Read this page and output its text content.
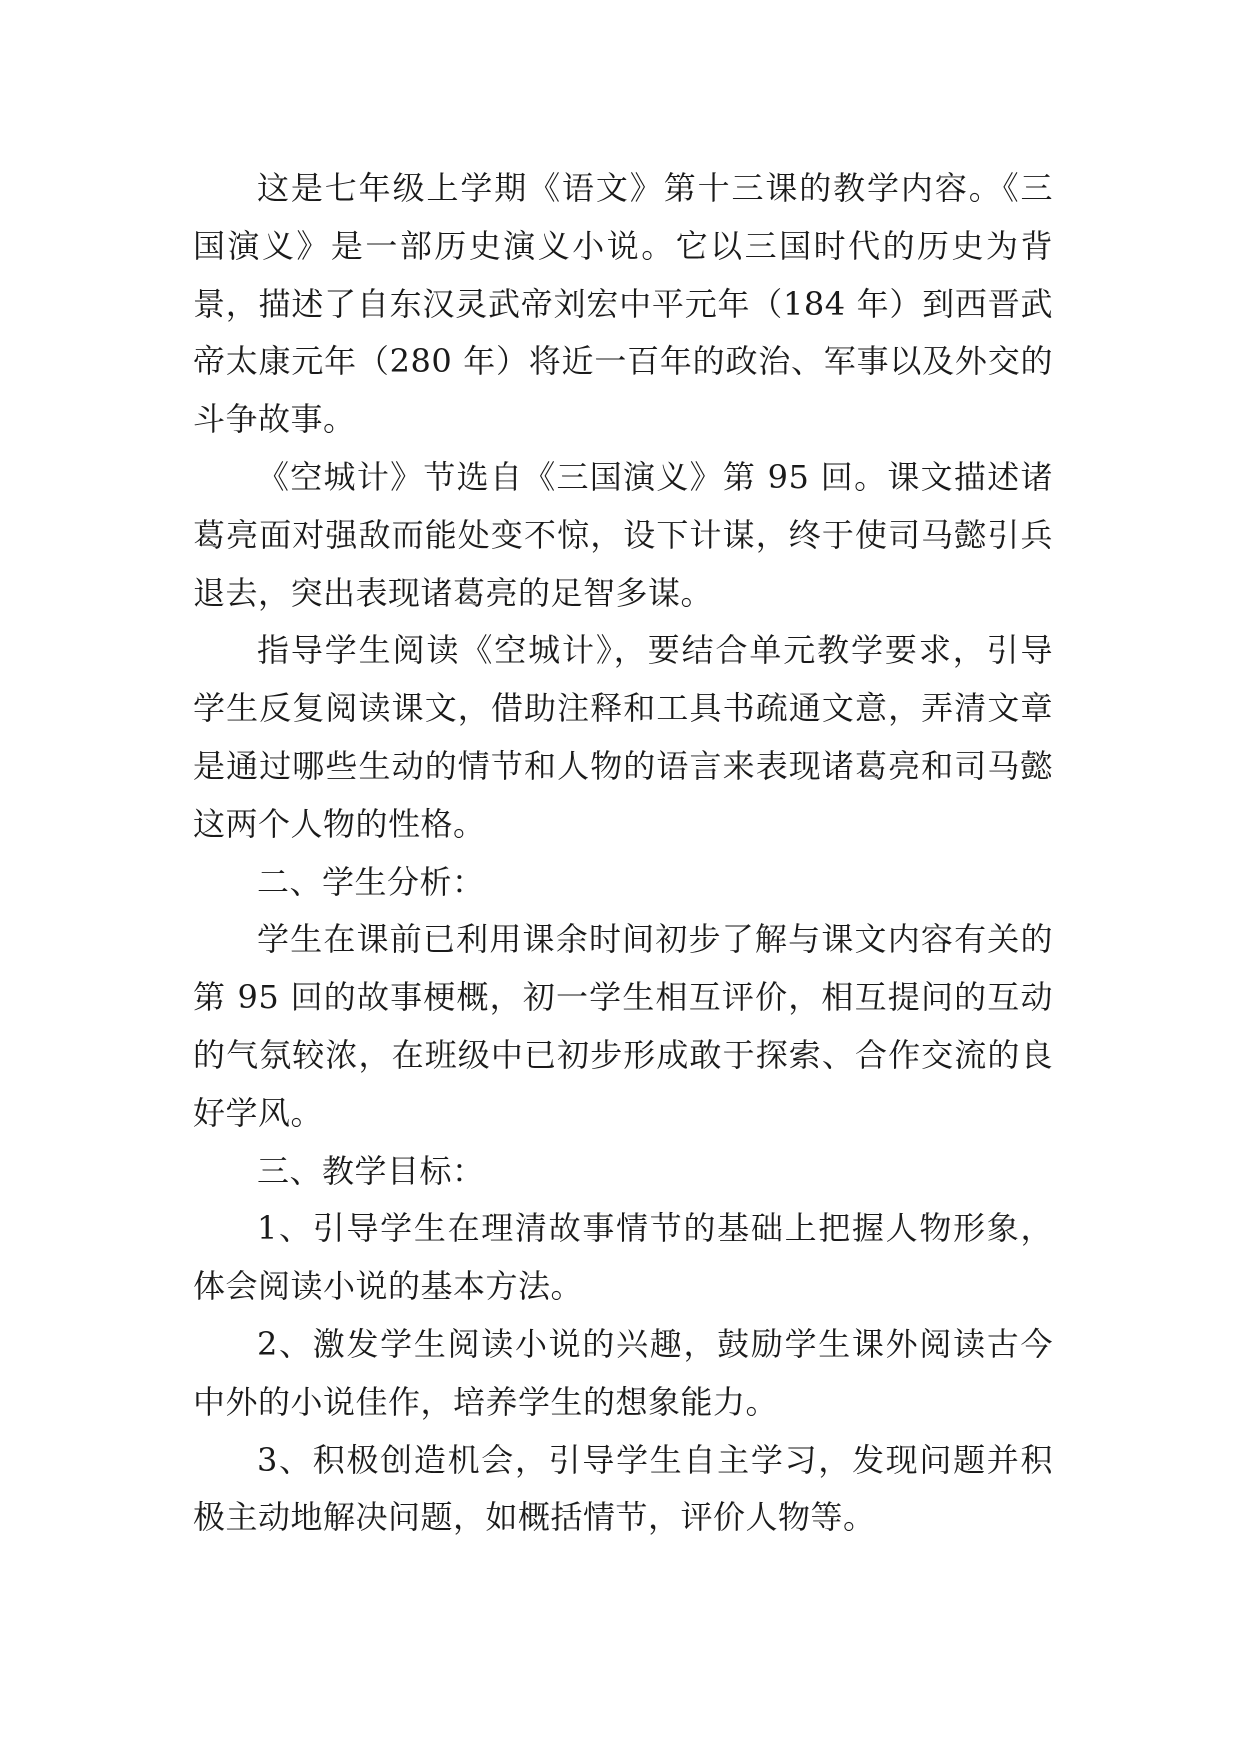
这是七年级上学期《语文》第十三课的教学内容。《三国演义》是一部历史演义小说。它以三国时代的历史为背景，描述了自东汉灵武帝刘宏中平元年（184 年）到西晋武帝太康元年（280 年）将近一百年的政治、军事以及外交的斗争故事。

《空城计》节选自《三国演义》第 95 回。课文描述诸葛亮面对强敌而能处变不惊，设下计谋，终于使司马懿引兵退去，突出表现诸葛亮的足智多谋。

指导学生阅读《空城计》，要结合单元教学要求，引导学生反复阅读课文，借助注释和工具书疏通文意，弄清文章是通过哪些生动的情节和人物的语言来表现诸葛亮和司马懿这两个人物的性格。

二、学生分析：

学生在课前已利用课余时间初步了解与课文内容有关的第 95 回的故事梗概，初一学生相互评价，相互提问的互动的气氛较浓，在班级中已初步形成敢于探索、合作交流的良好学风。

三、教学目标：

1、引导学生在理清故事情节的基础上把握人物形象，体会阅读小说的基本方法。

2、激发学生阅读小说的兴趣，鼓励学生课外阅读古今中外的小说佳作，培养学生的想象能力。

3、积极创造机会，引导学生自主学习，发现问题并积极主动地解决问题，如概括情节，评价人物等。
